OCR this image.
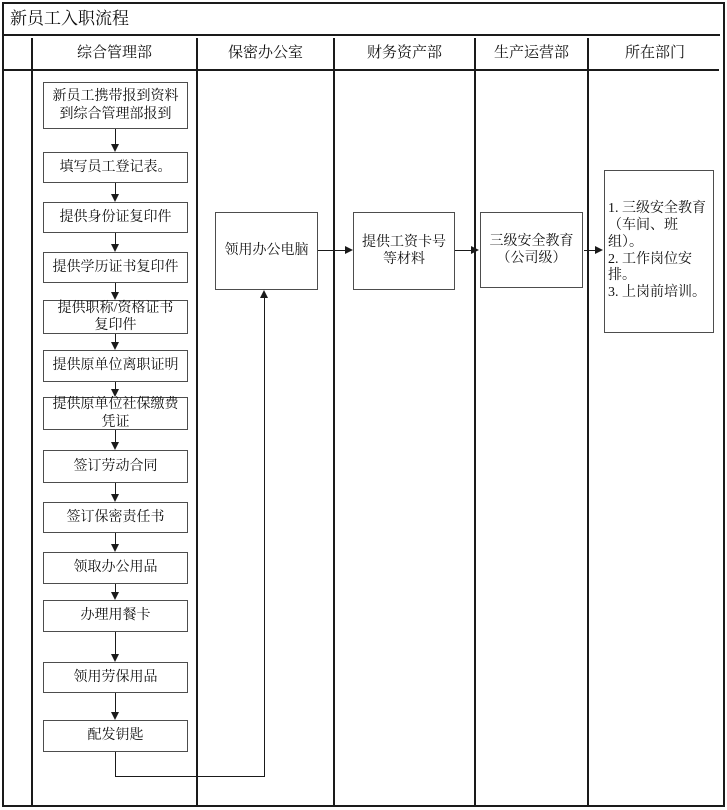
新员工入职流程
综合管理部	保密办公室	财务资产部	生产运营部	所在部门
新员工携带报到资料到综合管理部报到
填写员工登记表。
提供身份证复印件
提供学历证书复印件
提供职称/资格证书复印件
提供原单位离职证明
提供原单位社保缴费凭证
签订劳动合同
签订保密责任书
领取办公用品
办理用餐卡
领用劳保用品
配发钥匙
领用办公电脑
提供工资卡号等材料
三级安全教育（公司级）
1. 三级安全教育（车间、班组）。
2. 工作岗位安排。
3. 上岗前培训。
